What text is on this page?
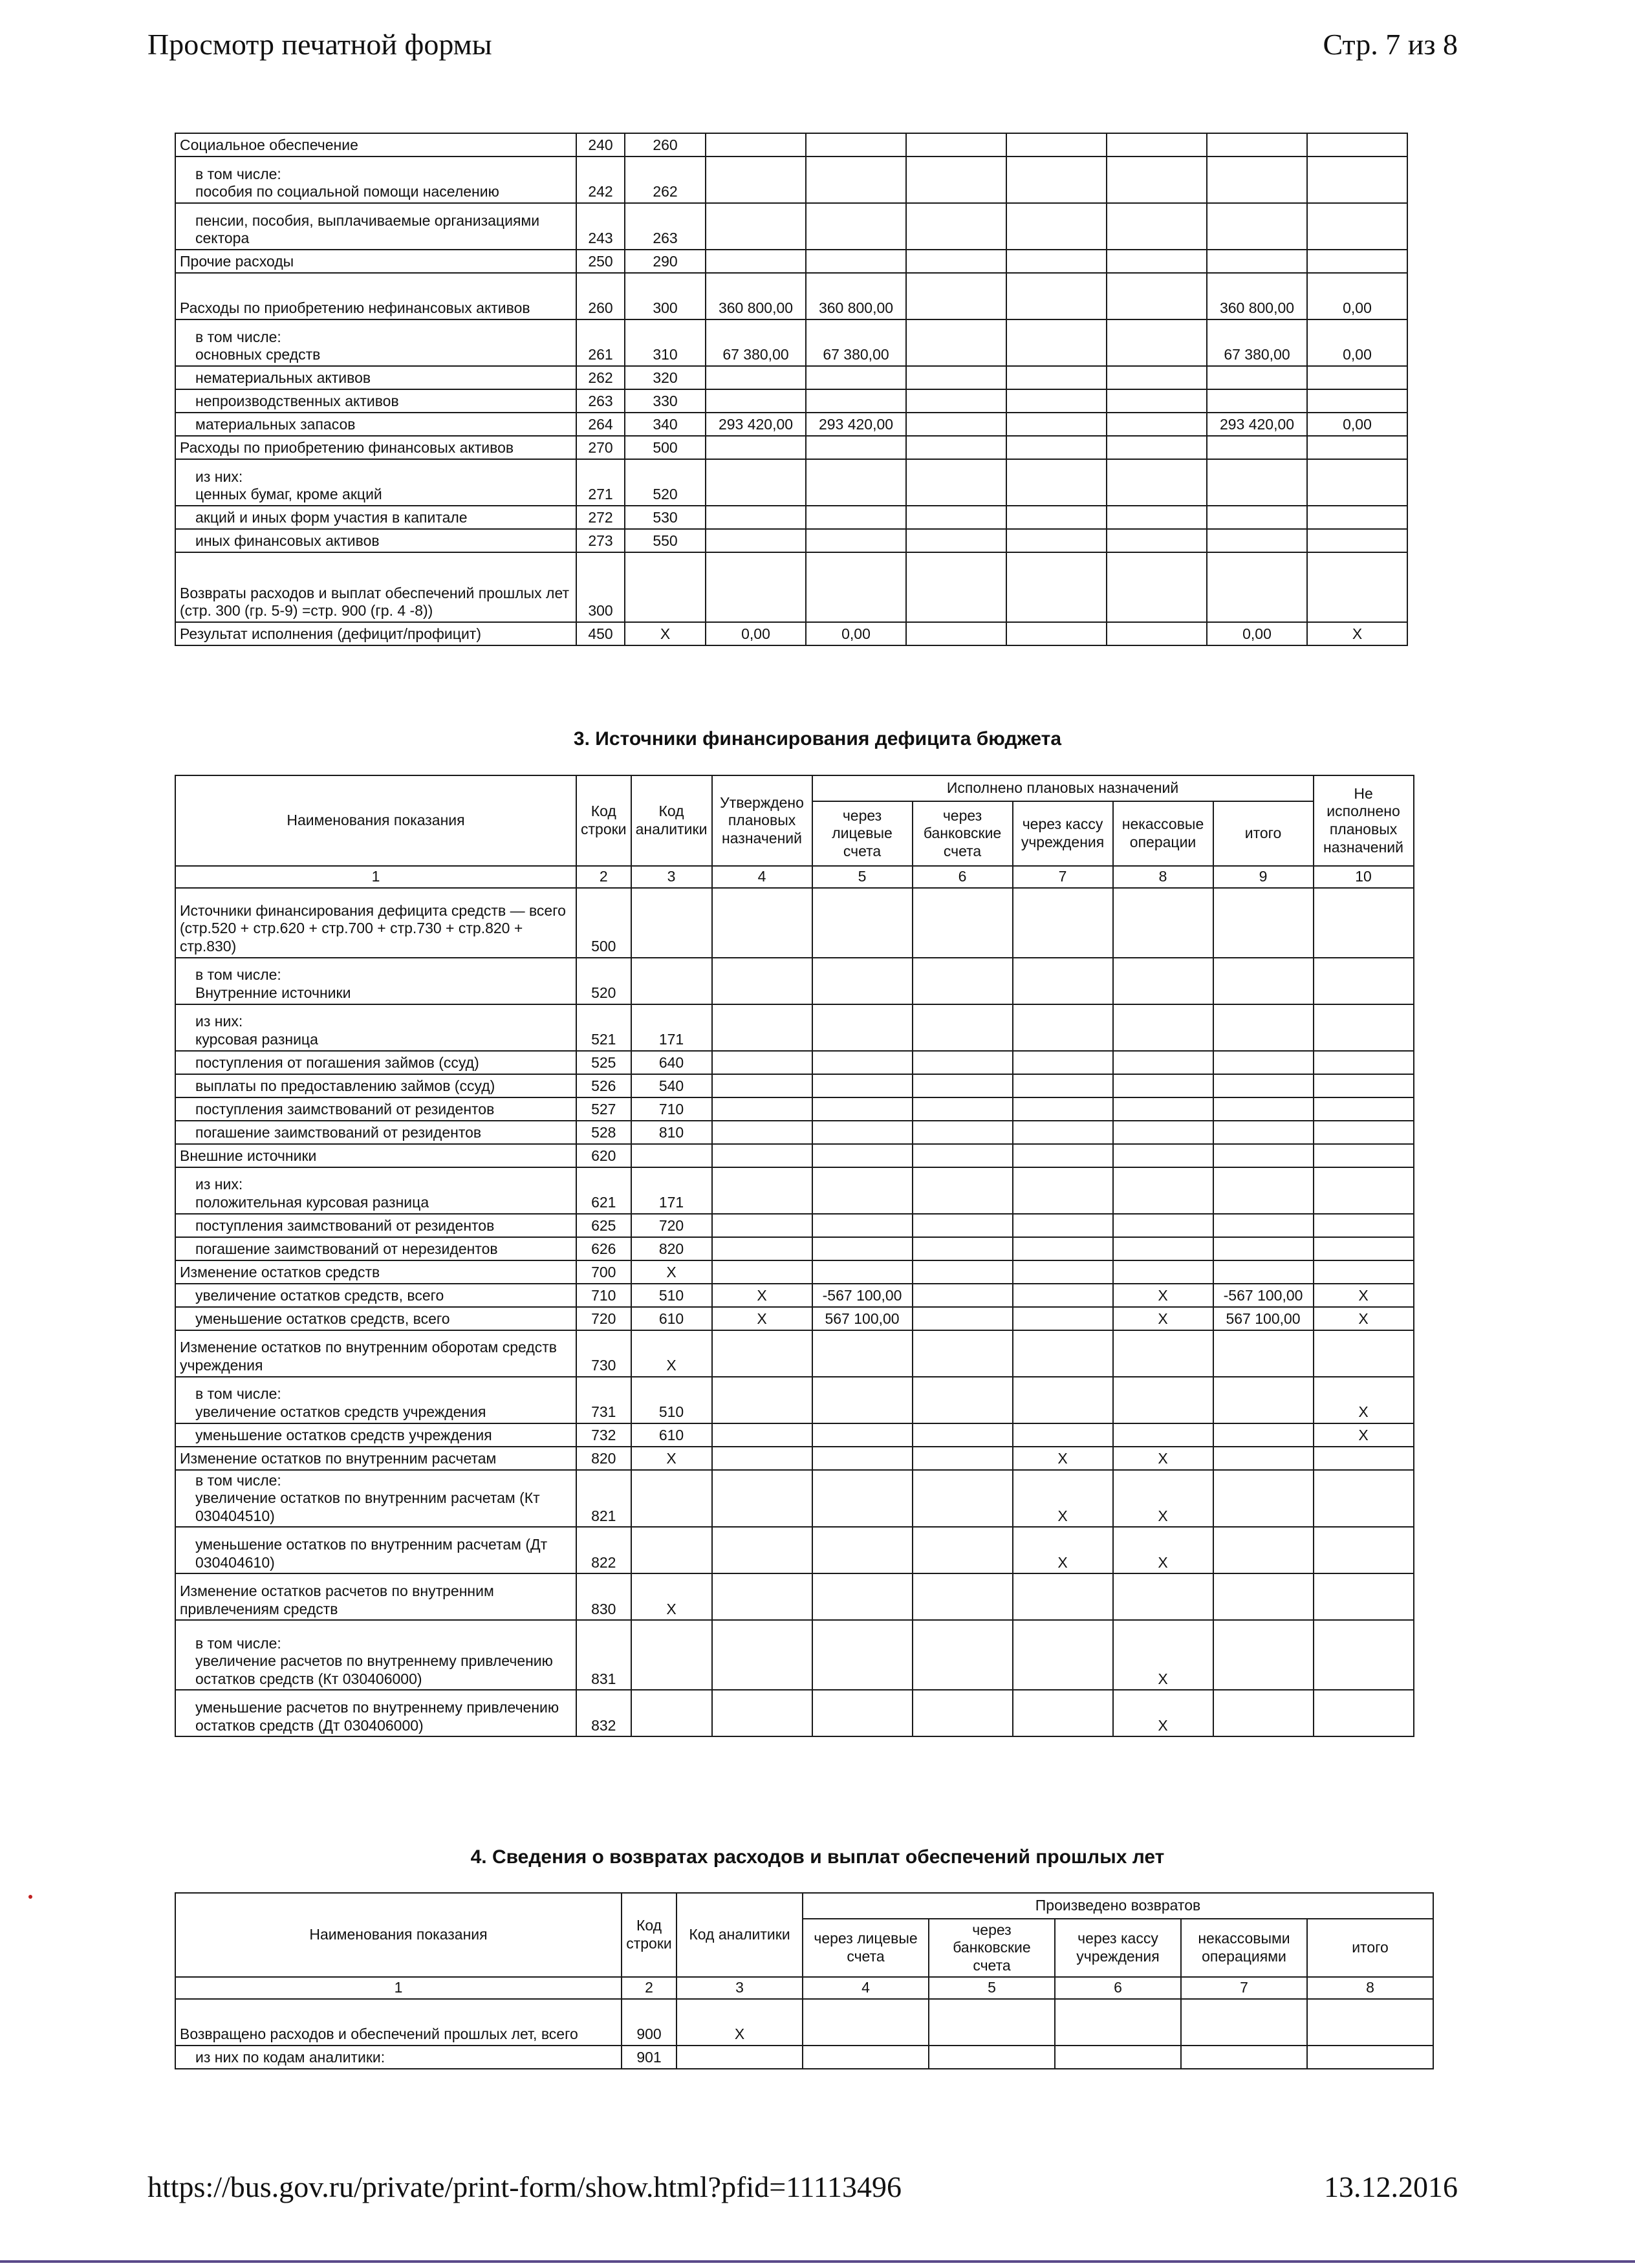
Просмотр печатной формы	Стр. 7 из 8
Социальное обеспечение	240	260							
в том числе:
пособия по социальной помощи населению	242	262							
пенсии, пособия, выплачиваемые организациями сектора	243	263							
Прочие расходы	250	290							
Расходы по приобретению нефинансовых активов	260	300	360 800,00	360 800,00				360 800,00	0,00
в том числе:
основных средств	261	310	67 380,00	67 380,00				67 380,00	0,00
нематериальных активов	262	320							
непроизводственных активов	263	330							
материальных запасов	264	340	293 420,00	293 420,00				293 420,00	0,00
Расходы по приобретению финансовых активов	270	500							
из них:
ценных бумаг, кроме акций	271	520							
акций и иных форм участия в капитале	272	530							
иных финансовых активов	273	550							
Возвраты расходов и выплат обеспечений прошлых лет (стр. 300 (гр. 5-9) =стр. 900 (гр. 4 -8))	300								
Результат исполнения (дефицит/профицит)	450	X	0,00	0,00				0,00	X
3. Источники финансирования дефицита бюджета
Наименования показания	Код строки	Код аналитики	Утверждено плановых назначений	Исполнено плановых назначений					Не исполнено плановых назначений
				через лицевые счета	через банковские счета	через кассу учреждения	некассовые операции	итого	
1	2	3	4	5	6	7	8	9	10
Источники финансирования дефицита средств — всего (стр.520 + стр.620 + стр.700 + стр.730 + стр.820 + стр.830)	500								
в том числе:
Внутренние источники	520								
из них:
курсовая разница	521	171							
поступления от погашения займов (ссуд)	525	640							
выплаты по предоставлению займов (ссуд)	526	540							
поступления заимствований от резидентов	527	710							
погашение заимствований от резидентов	528	810							
Внешние источники	620								
из них:
положительная курсовая разница	621	171							
поступления заимствований от резидентов	625	720							
погашение заимствований от нерезидентов	626	820							
Изменение остатков средств	700	X							
увеличение остатков средств, всего	710	510	X	-567 100,00			X	-567 100,00	X
уменьшение остатков средств, всего	720	610	X	567 100,00			X	567 100,00	X
Изменение остатков по внутренним оборотам средств учреждения	730	X							
в том числе:
увеличение остатков средств учреждения	731	510							X
уменьшение остатков средств учреждения	732	610							X
Изменение остатков по внутренним расчетам	820	X				X	X		
в том числе:
увеличение остатков по внутренним расчетам (Кт 030404510)	821					X	X		
уменьшение остатков по внутренним расчетам (Дт 030404610)	822					X	X		
Изменение остатков расчетов по внутренним привлечениям средств	830	X							
в том числе:
увеличение расчетов по внутреннему привлечению остатков средств (Кт 030406000)	831						X		
уменьшение расчетов по внутреннему привлечению остатков средств (Дт 030406000)	832						X		
4. Сведения о возвратах расходов и выплат обеспечений прошлых лет
Наименования показания	Код строки	Код аналитики	Произведено возвратов				
			через лицевые счета	через банковские счета	через кассу учреждения	некассовыми операциями	итого
1	2	3	4	5	6	7	8
Возвращено расходов и обеспечений прошлых лет, всего	900	X					
из них по кодам аналитики:	901						
https://bus.gov.ru/private/print-form/show.html?pfid=11113496	13.12.2016
